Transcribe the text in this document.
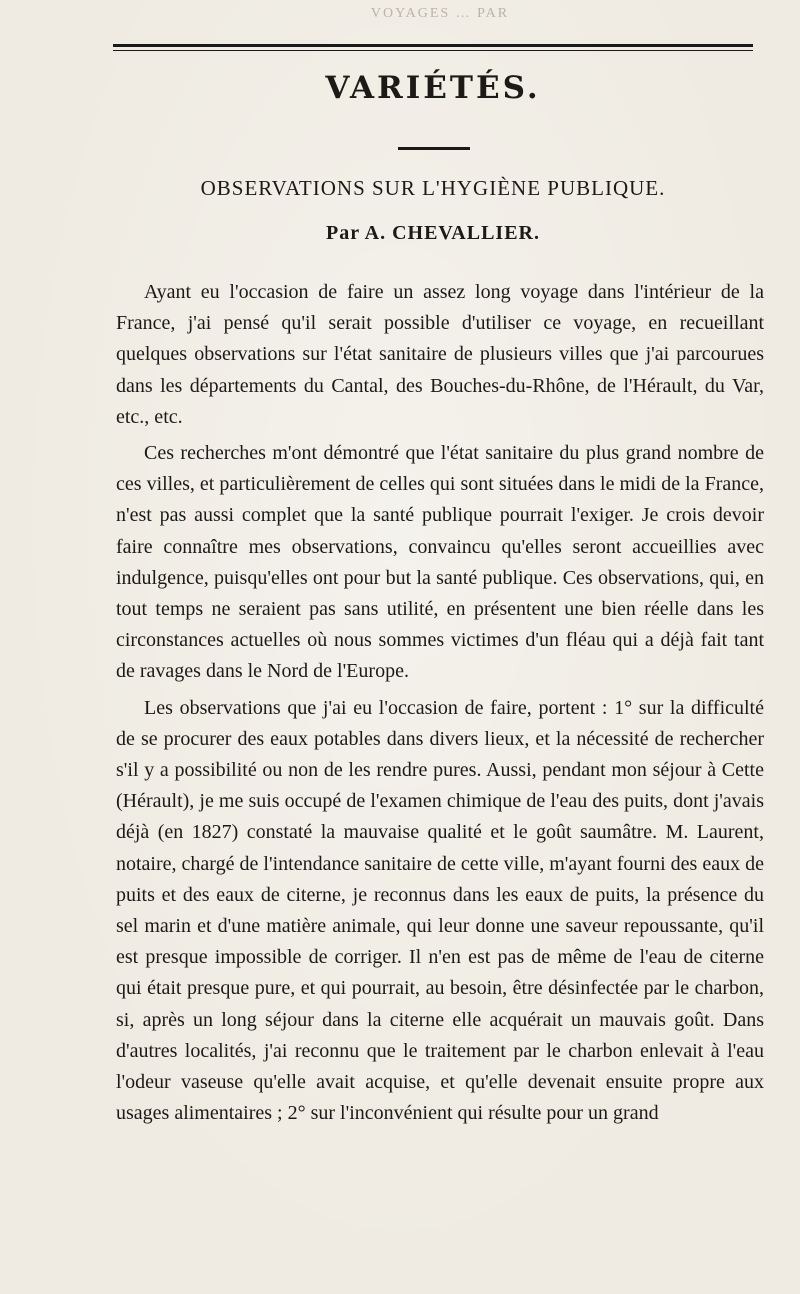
VOYAGES … PAR
VARIÉTÉS.
OBSERVATIONS SUR L'HYGIÈNE PUBLIQUE.
Par A. CHEVALLIER.

Ayant eu l'occasion de faire un assez long voyage dans l'intérieur de la France, j'ai pensé qu'il serait possible d'utiliser ce voyage, en recueillant quelques observations sur l'état sanitaire de plusieurs villes que j'ai parcourues dans les départements du Cantal, des Bouches-du-Rhône, de l'Hérault, du Var, etc., etc.

Ces recherches m'ont démontré que l'état sanitaire du plus grand nombre de ces villes, et particulièrement de celles qui sont situées dans le midi de la France, n'est pas aussi complet que la santé publique pourrait l'exiger. Je crois devoir faire connaître mes observations, convaincu qu'elles seront accueillies avec indulgence, puisqu'elles ont pour but la santé publique. Ces observations, qui, en tout temps ne seraient pas sans utilité, en présentent une bien réelle dans les circonstances actuelles où nous sommes victimes d'un fléau qui a déjà fait tant de ravages dans le Nord de l'Europe.

Les observations que j'ai eu l'occasion de faire, portent : 1° sur la difficulté de se procurer des eaux potables dans divers lieux, et la nécessité de rechercher s'il y a possibilité ou non de les rendre pures. Aussi, pendant mon séjour à Cette (Hérault), je me suis occupé de l'examen chimique de l'eau des puits, dont j'avais déjà (en 1827) constaté la mauvaise qualité et le goût saumâtre. M. Laurent, notaire, chargé de l'intendance sanitaire de cette ville, m'ayant fourni des eaux de puits et des eaux de citerne, je reconnus dans les eaux de puits, la présence du sel marin et d'une matière animale, qui leur donne une saveur repoussante, qu'il est presque impossible de corriger. Il n'en est pas de même de l'eau de citerne qui était presque pure, et qui pourrait, au besoin, être désinfectée par le charbon, si, après un long séjour dans la citerne elle acquérait un mauvais goût. Dans d'autres localités, j'ai reconnu que le traitement par le charbon enlevait à l'eau l'odeur vaseuse qu'elle avait acquise, et qu'elle devenait ensuite propre aux usages alimentaires ; 2° sur l'inconvénient qui résulte pour un grand
